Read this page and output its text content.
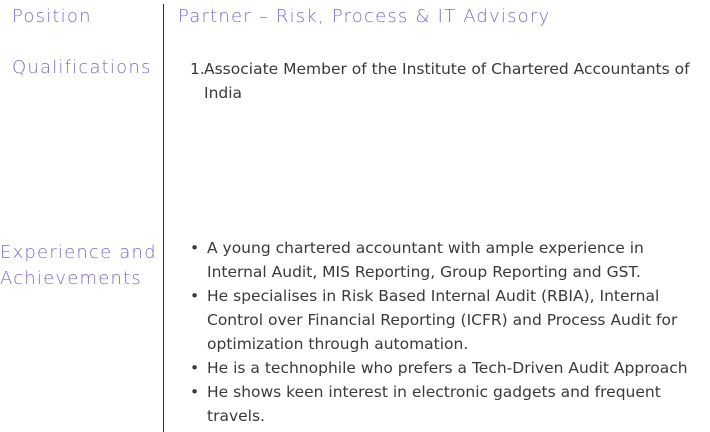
Position
Qualifications
Experience and
Achievements
Partner – Risk, Process & IT Advisory
1. Associate Member of the Institute of Chartered Accountants of India
• A young chartered accountant with ample experience in Internal Audit, MIS Reporting, Group Reporting and GST.
• He specialises in Risk Based Internal Audit (RBIA), Internal Control over Financial Reporting (ICFR) and Process Audit for optimization through automation.
• He is a technophile who prefers a Tech-Driven Audit Approach
• He shows keen interest in electronic gadgets and frequent travels.
